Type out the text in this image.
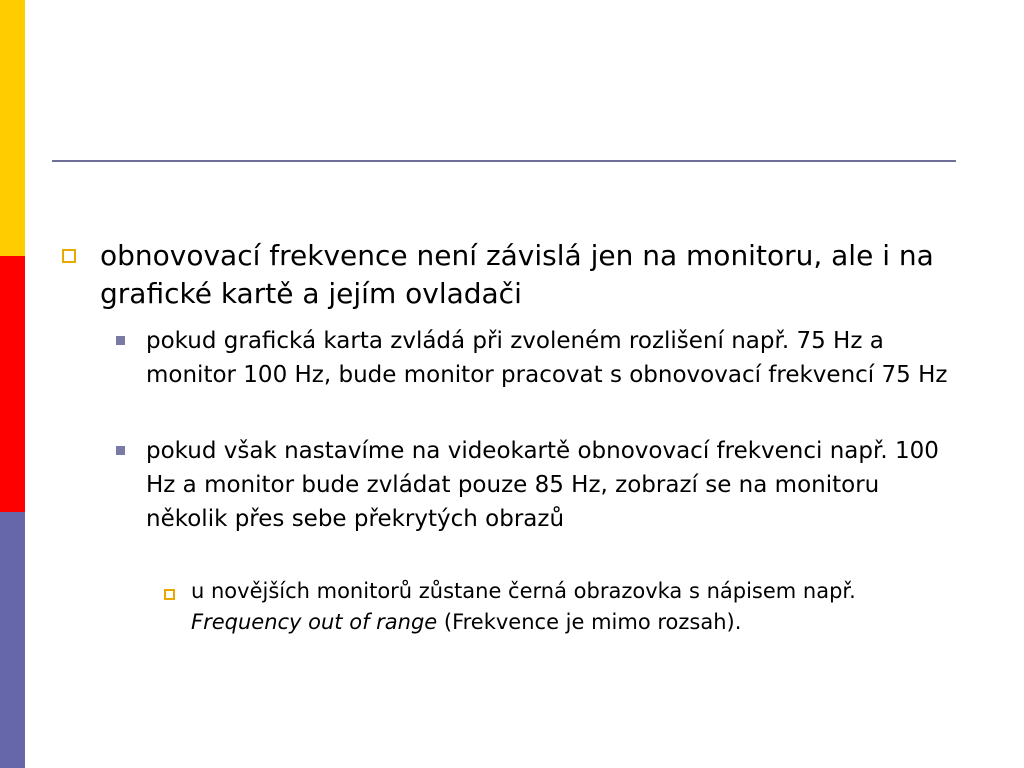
obnovovací frekvence není závislá jen na monitoru, ale i na grafické kartě a jejím ovladači

pokud grafická karta zvládá při zvoleném rozlišení např. 75 Hz a monitor 100 Hz, bude monitor pracovat s obnovovací frekvencí 75 Hz

pokud však nastavíme na videokartě obnovovací frekvenci např. 100 Hz a monitor bude zvládat pouze 85 Hz, zobrazí se na monitoru několik přes sebe překrytých obrazů

u novějších monitorů zůstane černá obrazovka s nápisem např. Frequency out of range (Frekvence je mimo rozsah).
